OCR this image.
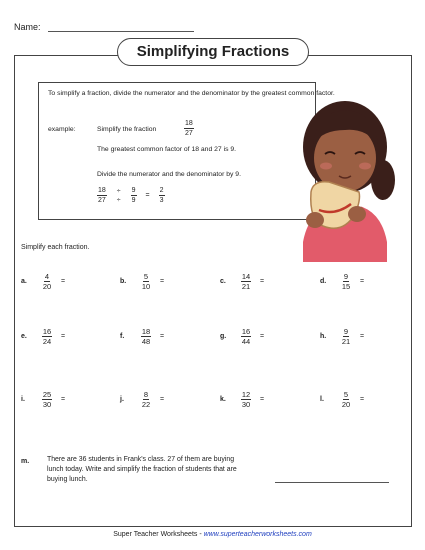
Name:
Simplifying Fractions
To simplify a fraction, divide the numerator and the denominator by the greatest common factor.
example:	Simplify the fraction	$\frac{18}{27}$
The greatest common factor of 18 and 27 is 9.
Divide the numerator and the denominator by 9.
$\frac{18}{27}$ ÷
÷ $\frac{9}{9} = \frac{2}{3}$
Simplify each fraction.
a.	$\frac{4}{20}$ =	b.	$\frac{5}{10}$ =	c.	$\frac{14}{21}$ =	d.	$\frac{9}{15}$ =
e.	$\frac{16}{24}$ =	f.	$\frac{18}{48}$ =	g.	$\frac{16}{44}$ =	h.	$\frac{9}{21}$ =
i.	$\frac{25}{30}$ =	j.	$\frac{8}{22}$ =	k.	$\frac{12}{30}$ =	l.	$\frac{5}{20}$ =
m.	There are 36 students in Frank's class. 27 of them are buying lunch today. Write and simplify the fraction of students that are buying lunch.
Super Teacher Worksheets - www.superteacherworksheets.com
